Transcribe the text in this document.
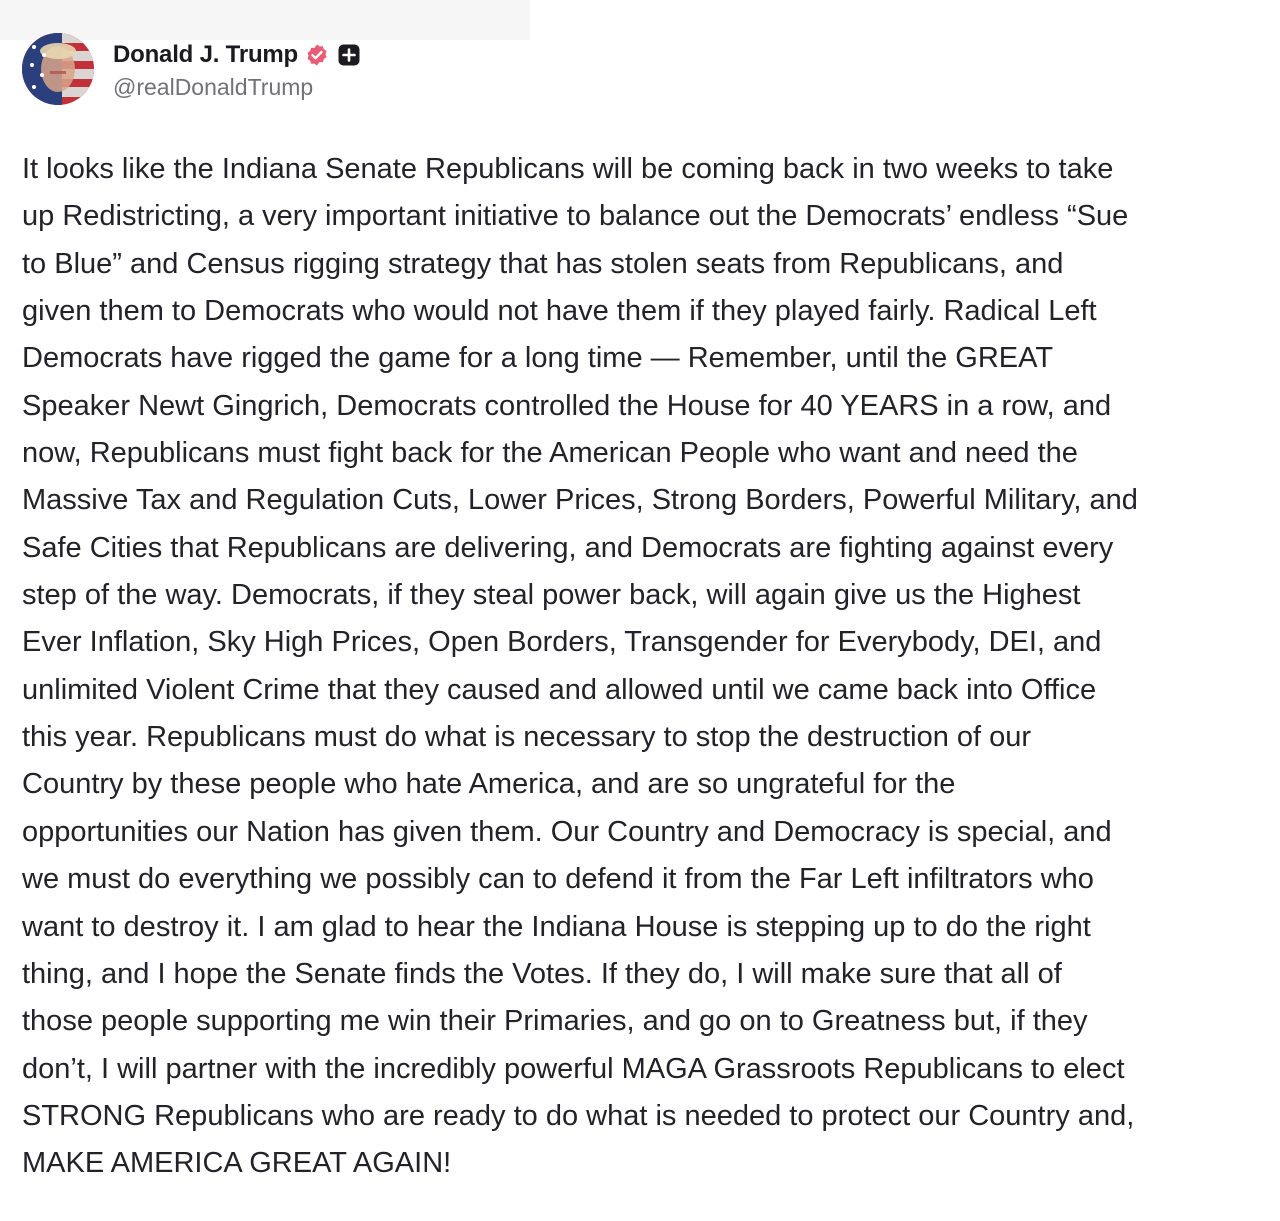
Donald J. Trump
@realDonaldTrump
It looks like the Indiana Senate Republicans will be coming back in two weeks to take
up Redistricting, a very important initiative to balance out the Democrats’ endless “Sue
to Blue” and Census rigging strategy that has stolen seats from Republicans, and
given them to Democrats who would not have them if they played fairly. Radical Left
Democrats have rigged the game for a long time — Remember, until the GREAT
Speaker Newt Gingrich, Democrats controlled the House for 40 YEARS in a row, and
now, Republicans must fight back for the American People who want and need the
Massive Tax and Regulation Cuts, Lower Prices, Strong Borders, Powerful Military, and
Safe Cities that Republicans are delivering, and Democrats are fighting against every
step of the way. Democrats, if they steal power back, will again give us the Highest
Ever Inflation, Sky High Prices, Open Borders, Transgender for Everybody, DEI, and
unlimited Violent Crime that they caused and allowed until we came back into Office
this year. Republicans must do what is necessary to stop the destruction of our
Country by these people who hate America, and are so ungrateful for the
opportunities our Nation has given them. Our Country and Democracy is special, and
we must do everything we possibly can to defend it from the Far Left infiltrators who
want to destroy it. I am glad to hear the Indiana House is stepping up to do the right
thing, and I hope the Senate finds the Votes. If they do, I will make sure that all of
those people supporting me win their Primaries, and go on to Greatness but, if they
don’t, I will partner with the incredibly powerful MAGA Grassroots Republicans to elect
STRONG Republicans who are ready to do what is needed to protect our Country and,
MAKE AMERICA GREAT AGAIN!
